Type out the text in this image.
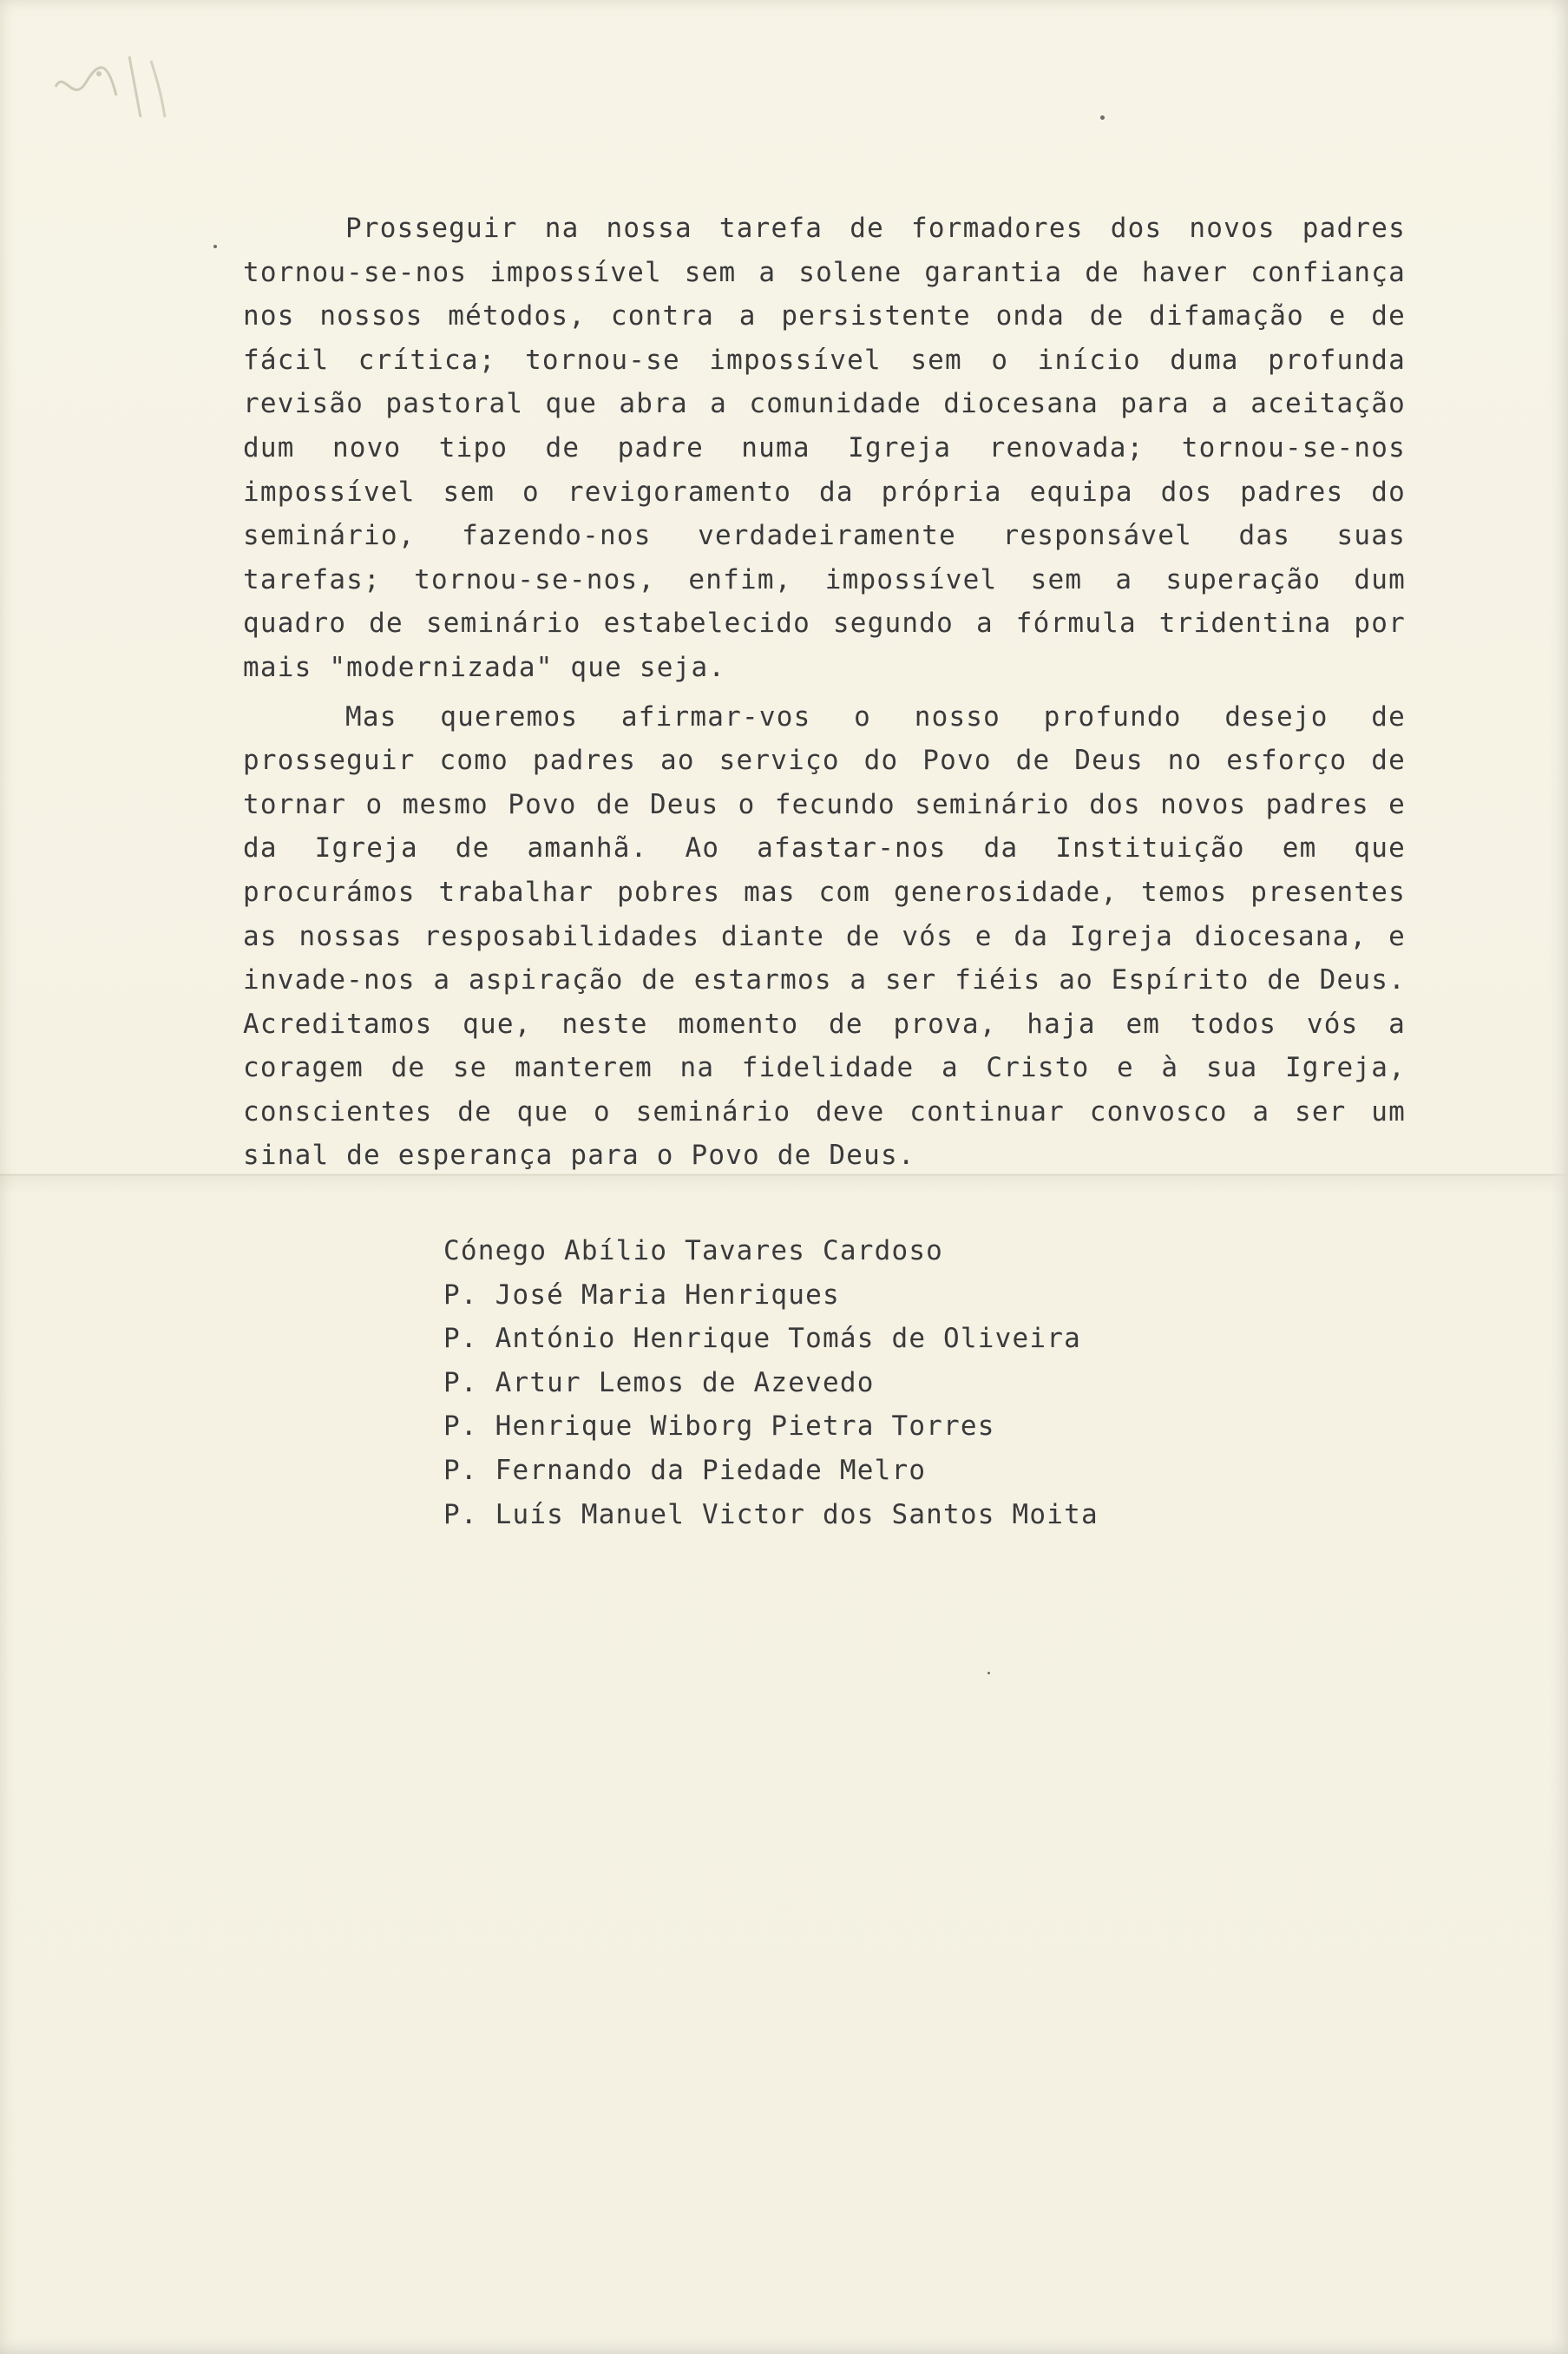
Prosseguir na nossa tarefa de formadores dos novos padres tornou-se-nos impossível sem a solene garantia de haver confiança nos nossos métodos, contra a persistente onda de difamação e de fácil crítica; tornou-se impossível sem o início duma profunda revisão pastoral que abra a comunidade diocesana para a aceitação dum novo tipo de padre numa Igreja renovada; tornou-se-nos impossível sem o revigoramento da própria equipa dos padres do seminário, fazendo-nos verdadeiramente responsável das suas tarefas; tornou-se-nos, enfim, impossível sem a superação dum quadro de seminário estabelecido segundo a fórmula tridentina por mais "modernizada" que seja.

Mas queremos afirmar-vos o nosso profundo desejo de prosseguir como padres ao serviço do Povo de Deus no esforço de tornar o mesmo Povo de Deus o fecundo seminário dos novos padres e da Igreja de amanhã. Ao afastar-nos da Instituição em que procurámos trabalhar pobres mas com generosidade, temos presentes as nossas resposabilidades diante de vós e da Igreja diocesana, e invade-nos a aspiração de estarmos a ser fiéis ao Espírito de Deus. Acreditamos que, neste momento de prova, haja em todos vós a coragem de se manterem na fidelidade a Cristo e à sua Igreja, conscientes de que o seminário deve continuar convosco a ser um sinal de esperança para o Povo de Deus.

Cónego Abílio Tavares Cardoso
P. José Maria Henriques
P. António Henrique Tomás de Oliveira
P. Artur Lemos de Azevedo
P. Henrique Wiborg Pietra Torres
P. Fernando da Piedade Melro
P. Luís Manuel Victor dos Santos Moita
